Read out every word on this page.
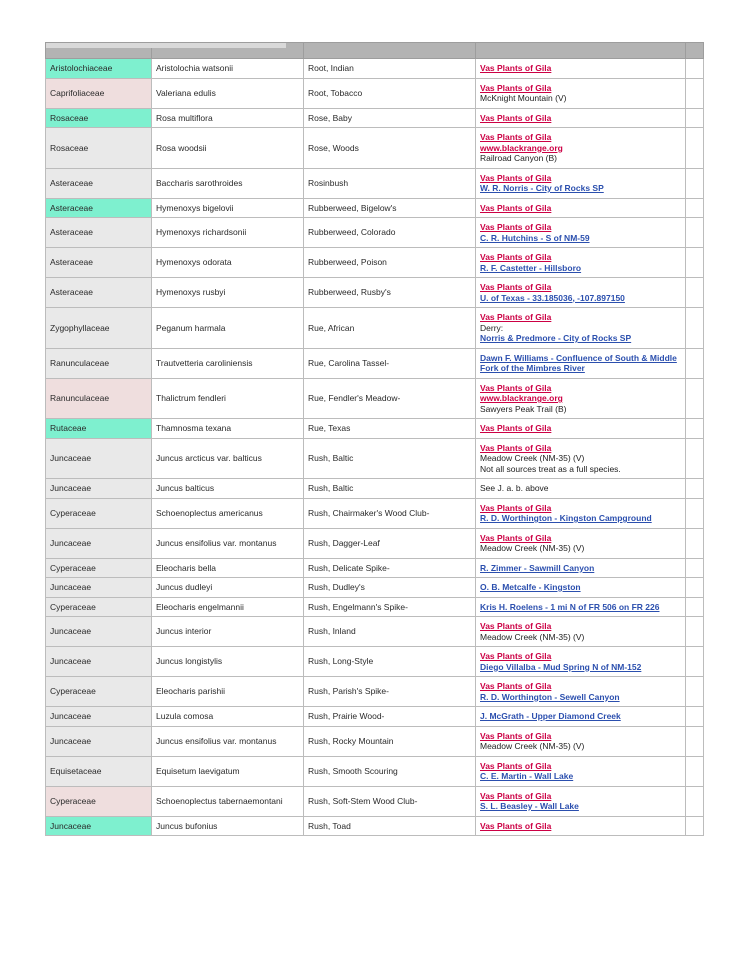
Aristolochiaceae	Aristolochia watsonii	Root, Indian	Vas Plants of Gila	

Caprifoliaceae	Valeriana edulis	Root, Tobacco	Vas Plants of Gila
McKnight Mountain (V)	

Rosaceae	Rosa multiflora	Rose, Baby	Vas Plants of Gila	

Rosaceae	Rosa woodsii	Rose, Woods	Vas Plants of Gila
www.blackrange.org
Railroad Canyon (B)	

Asteraceae	Baccharis sarothroides	Rosinbush	Vas Plants of Gila
W. R. Norris - City of Rocks SP	

Asteraceae	Hymenoxys bigelovii	Rubberweed, Bigelow's	Vas Plants of Gila	

Asteraceae	Hymenoxys richardsonii	Rubberweed, Colorado	Vas Plants of Gila
C. R. Hutchins - S of NM-59	

Asteraceae	Hymenoxys odorata	Rubberweed, Poison	Vas Plants of Gila
R. F. Castetter - Hillsboro	

Asteraceae	Hymenoxys rusbyi	Rubberweed, Rusby's	Vas Plants of Gila
U. of Texas - 33.185036, -107.897150	

Zygophyllaceae	Peganum harmala	Rue, African	Vas Plants of Gila
Derry:
Norris & Predmore - City of Rocks SP	

Ranunculaceae	Trautvetteria caroliniensis	Rue, Carolina Tassel-	Dawn F. Williams - Confluence of South & Middle Fork of the Mimbres River	

Ranunculaceae	Thalictrum fendleri	Rue, Fendler's Meadow-	Vas Plants of Gila
www.blackrange.org
Sawyers Peak Trail (B)	

Rutaceae	Thamnosma texana	Rue, Texas	Vas Plants of Gila	

Juncaceae	Juncus arcticus var. balticus	Rush, Baltic	Vas Plants of Gila
Meadow Creek (NM-35) (V)
Not all sources treat as a full species.	

Juncaceae	Juncus balticus	Rush, Baltic	See J. a. b. above	

Cyperaceae	Schoenoplectus americanus	Rush, Chairmaker's Wood Club-	Vas Plants of Gila
R. D. Worthington - Kingston Campground	

Juncaceae	Juncus ensifolius var. montanus	Rush, Dagger-Leaf	Vas Plants of Gila
Meadow Creek (NM-35) (V)	

Cyperaceae	Eleocharis bella	Rush, Delicate Spike-	R. Zimmer - Sawmill Canyon	

Juncaceae	Juncus dudleyi	Rush, Dudley's	O. B. Metcalfe - Kingston	

Cyperaceae	Eleocharis engelmannii	Rush, Engelmann's Spike-	Kris H. Roelens - 1 mi N of FR 506 on FR 226	

Juncaceae	Juncus interior	Rush, Inland	Vas Plants of Gila
Meadow Creek (NM-35) (V)	

Juncaceae	Juncus longistylis	Rush, Long-Style	Vas Plants of Gila
Diego Villalba - Mud Spring N of NM-152	

Cyperaceae	Eleocharis parishii	Rush, Parish's Spike-	Vas Plants of Gila
R. D. Worthington - Sewell Canyon	

Juncaceae	Luzula comosa	Rush, Prairie Wood-	J. McGrath - Upper Diamond Creek	

Juncaceae	Juncus ensifolius var. montanus	Rush, Rocky Mountain	Vas Plants of Gila
Meadow Creek (NM-35) (V)	

Equisetaceae	Equisetum laevigatum	Rush, Smooth Scouring	Vas Plants of Gila
C. E. Martin - Wall Lake	

Cyperaceae	Schoenoplectus tabernaemontani	Rush, Soft-Stem Wood Club-	Vas Plants of Gila
S. L. Beasley - Wall Lake	

Juncaceae	Juncus bufonius	Rush, Toad	Vas Plants of Gila	
